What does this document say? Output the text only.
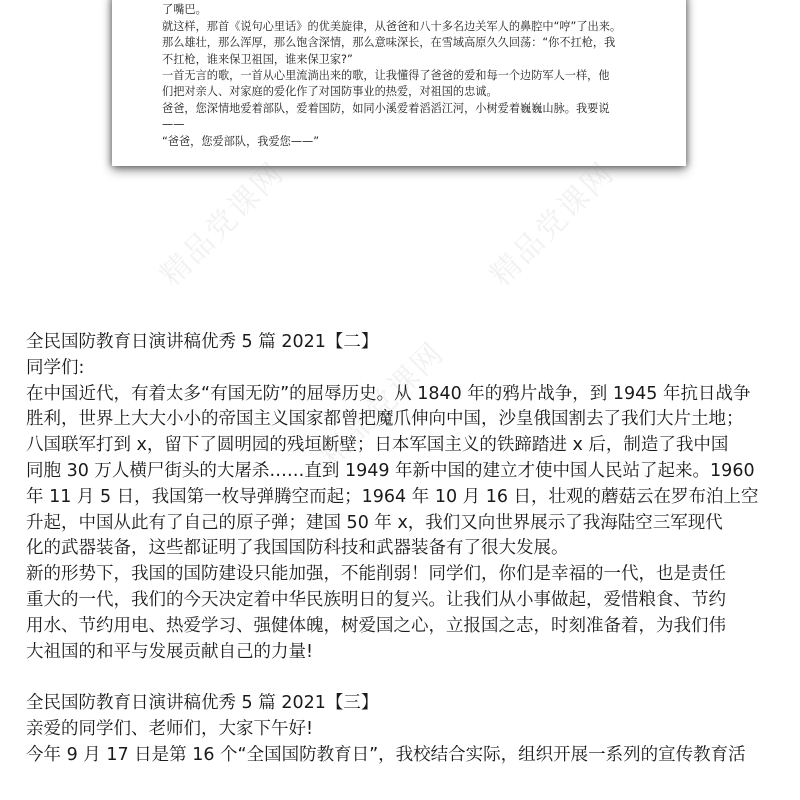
了嘴巴。
就这样，那首《说句心里话》的优美旋律，从爸爸和八十多名边关军人的鼻腔中“哼”了出来。
那么雄壮，那么浑厚，那么饱含深情，那么意味深长，在雪域高原久久回荡：“你不扛枪，我
不扛枪，谁来保卫祖国，谁来保卫家?”
一首无言的歌，一首从心里流淌出来的歌，让我懂得了爸爸的爱和每一个边防军人一样，他
们把对亲人、对家庭的爱化作了对国防事业的热爱，对祖国的忠诚。
爸爸，您深情地爱着部队，爱着国防，如同小溪爱着滔滔江河，小树爱着巍巍山脉。我要说
——
“爸爸，您爱部队，我爱您——”
精品党课网	精品党课网
精品党课网
全民国防教育日演讲稿优秀 5 篇 2021【二】
同学们:
在中国近代，有着太多“有国无防”的屈辱历史。从 1840 年的鸦片战争，到 1945 年抗日战争
胜利，世界上大大小小的帝国主义国家都曾把魔爪伸向中国，沙皇俄国割去了我们大片土地；
八国联军打到 x，留下了圆明园的残垣断壁；日本军国主义的铁蹄踏进 x 后，制造了我中国
同胞 30 万人横尸街头的大屠杀……直到 1949 年新中国的建立才使中国人民站了起来。1960
年 11 月 5 日，我国第一枚导弹腾空而起；1964 年 10 月 16 日，壮观的蘑菇云在罗布泊上空
升起，中国从此有了自己的原子弹；建国 50 年 x，我们又向世界展示了我海陆空三军现代
化的武器装备，这些都证明了我国国防科技和武器装备有了很大发展。
新的形势下，我国的国防建设只能加强，不能削弱！同学们，你们是幸福的一代，也是责任
重大的一代，我们的今天决定着中华民族明日的复兴。让我们从小事做起，爱惜粮食、节约
用水、节约用电、热爱学习、强健体魄，树爱国之心，立报国之志，时刻准备着，为我们伟
大祖国的和平与发展贡献自己的力量!
全民国防教育日演讲稿优秀 5 篇 2021【三】
亲爱的同学们、老师们，大家下午好!
今年 9 月 17 日是第 16 个“全国国防教育日”，我校结合实际，组织开展一系列的宣传教育活
